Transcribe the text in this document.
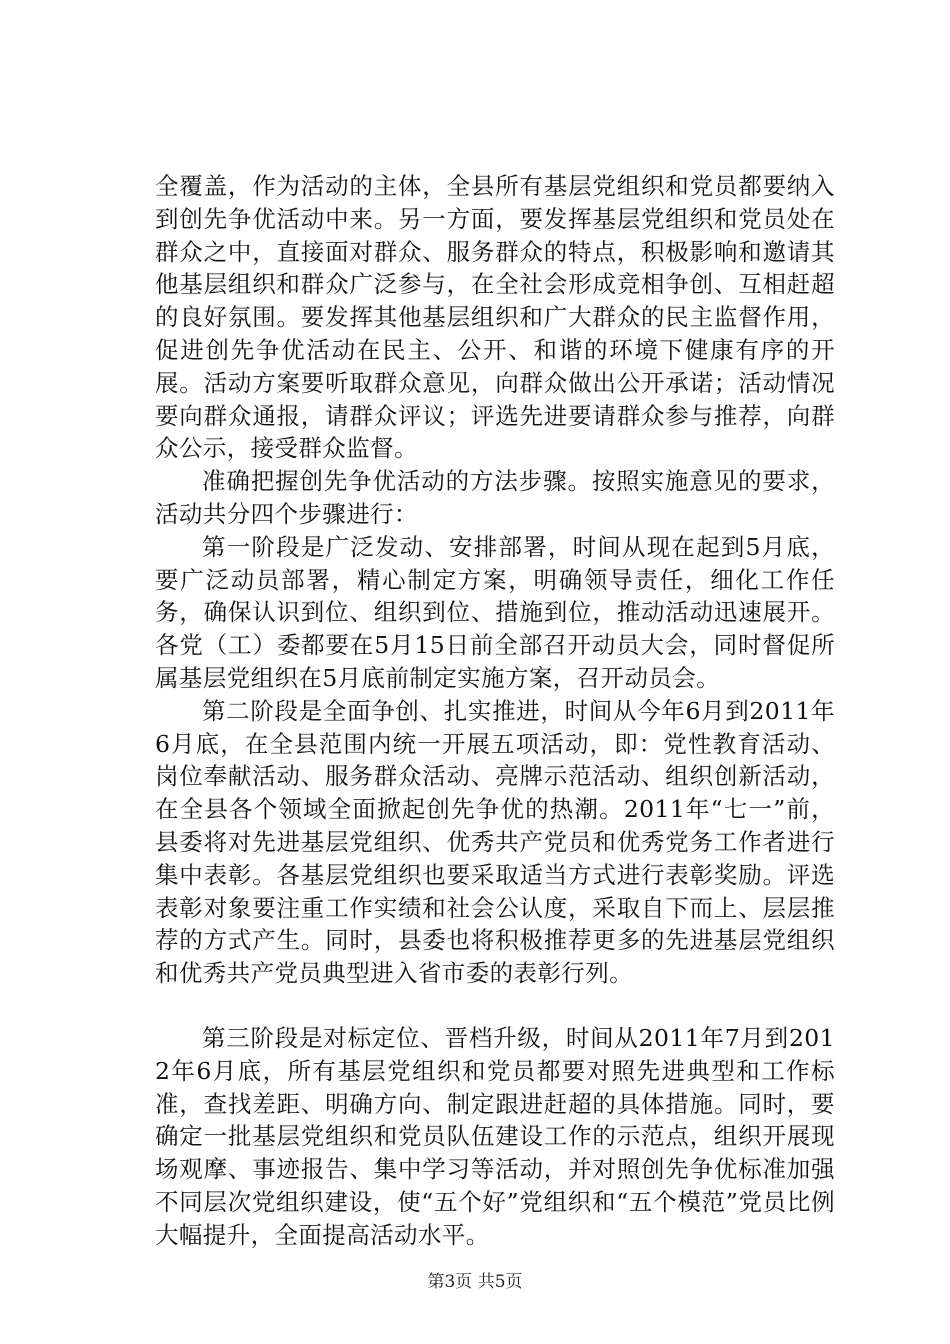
全覆盖，作为活动的主体，全县所有基层党组织和党员都要纳入到创先争优活动中来。另一方面，要发挥基层党组织和党员处在群众之中，直接面对群众、服务群众的特点，积极影响和邀请其他基层组织和群众广泛参与，在全社会形成竞相争创、互相赶超的良好氛围。要发挥其他基层组织和广大群众的民主监督作用，促进创先争优活动在民主、公开、和谐的环境下健康有序的开展。活动方案要听取群众意见，向群众做出公开承诺；活动情况要向群众通报，请群众评议；评选先进要请群众参与推荐，向群众公示，接受群众监督。

准确把握创先争优活动的方法步骤。按照实施意见的要求，活动共分四个步骤进行：

第一阶段是广泛发动、安排部署，时间从现在起到5月底，要广泛动员部署，精心制定方案，明确领导责任，细化工作任务，确保认识到位、组织到位、措施到位，推动活动迅速展开。各党（工）委都要在5月15日前全部召开动员大会，同时督促所属基层党组织在5月底前制定实施方案，召开动员会。

第二阶段是全面争创、扎实推进，时间从今年6月到2011年6月底，在全县范围内统一开展五项活动，即：党性教育活动、岗位奉献活动、服务群众活动、亮牌示范活动、组织创新活动，在全县各个领域全面掀起创先争优的热潮。2011年“七一”前，县委将对先进基层党组织、优秀共产党员和优秀党务工作者进行集中表彰。各基层党组织也要采取适当方式进行表彰奖励。评选表彰对象要注重工作实绩和社会公认度，采取自下而上、层层推荐的方式产生。同时，县委也将积极推荐更多的先进基层党组织和优秀共产党员典型进入省市委的表彰行列。

第三阶段是对标定位、晋档升级，时间从2011年7月到2012年6月底，所有基层党组织和党员都要对照先进典型和工作标准，查找差距、明确方向、制定跟进赶超的具体措施。同时，要确定一批基层党组织和党员队伍建设工作的示范点，组织开展现场观摩、事迹报告、集中学习等活动，并对照创先争优标准加强不同层次党组织建设，使“五个好”党组织和“五个模范”党员比例大幅提升，全面提高活动水平。

第3页 共5页
